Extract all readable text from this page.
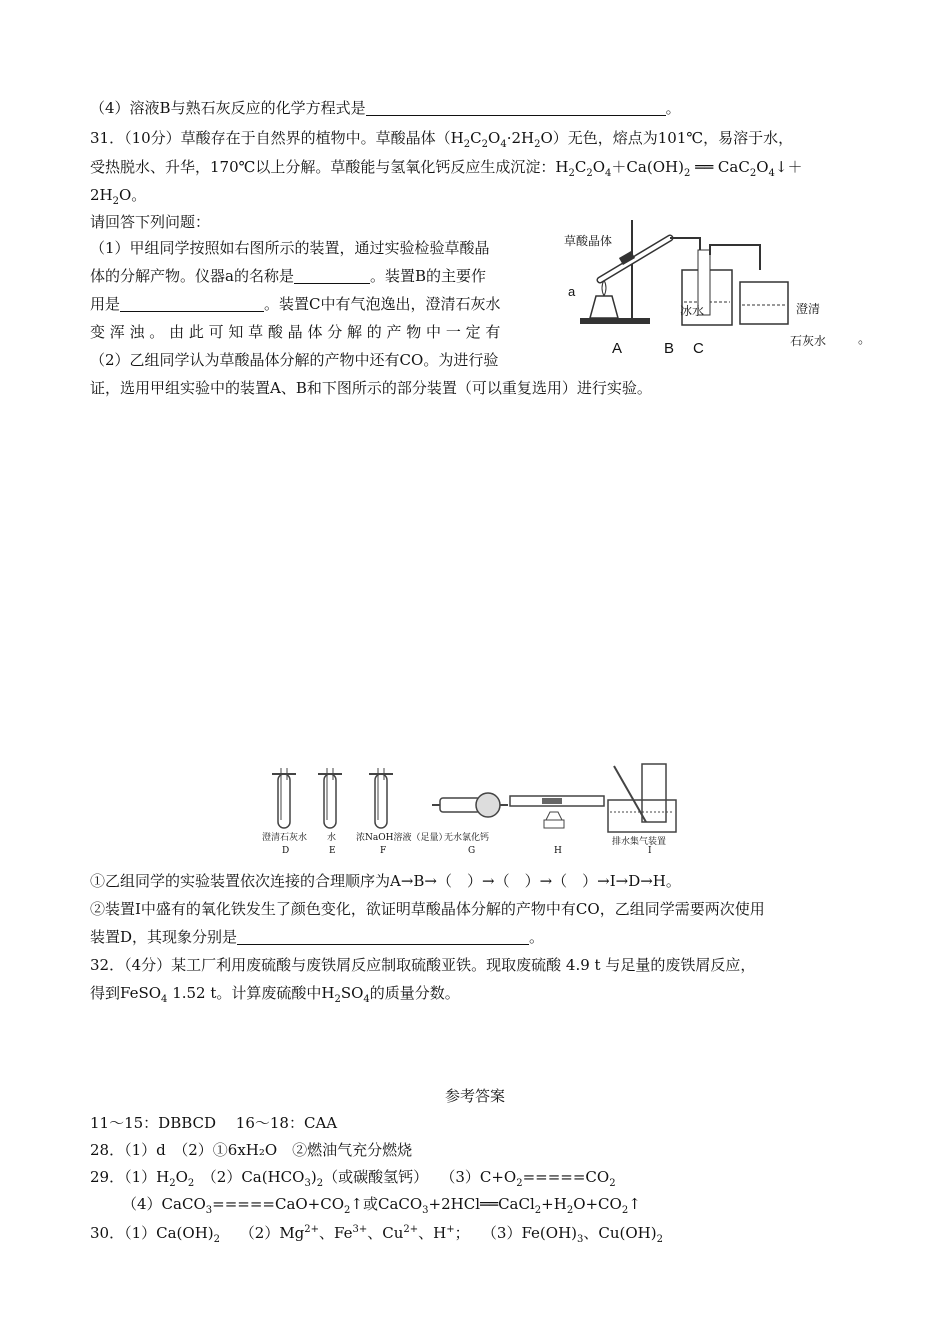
（4）溶液B与熟石灰反应的化学方程式是	。
31．（10分）草酸存在于自然界的植物中。草酸晶体$(H_2C_2O_4\cdot 2H_2O)$无色，熔点为101℃，易溶于水，
受热脱水、升华，170℃以上分解。草酸能与氢氧化钙反应生成沉淀：$H_2C_2O_4+Ca(OH)_2$ ══ $CaC_2O_4↓+$
$2H_2O$。
请回答下列问题：
（1）甲组同学按照如右图所示的装置，通过实验检验草酸晶
体的分解产物。仪器a的名称是	。装置B的主要作
用是	。装置C中有气泡逸出，澄清石灰水
变 浑 浊 。 由 此 可 知 草 酸 晶 体 分 解 的 产 物 中 一 定 有
（2）乙组同学认为草酸晶体分解的产物中还有CO。为进行验
证，选用甲组实验中的装置A、B和下图所示的部分装置（可以重复选用）进行实验。
草酸晶体
a
冰水	澄清
石灰水 。
A	B C
澄清石灰水 水 浓NaOH溶液（足量）
无水氯化钙	排水集气装置
D	E	F	G	H	I
①乙组同学的实验装置依次连接的合理顺序为A→B→（　）→（　）→（　）→I→D→H。
②装置I中盛有的氧化铁发生了颜色变化，欲证明草酸晶体分解的产物中有CO，乙组同学需要两次使用
装置D，其现象分别是	。
32．（4分）某工厂利用废硫酸与废铁屑反应制取硫酸亚铁。现取废硫酸 4.9 t 与足量的废铁屑反应，
得到FeSO$_4$ 1.52 t。计算废硫酸中$H_2SO_4$的质量分数。
参考答案
11～15：DBBCD　 16～18：CAA
28．（1）d　（2）①6xH₂O　②燃油气充分燃烧
29．$(1)H_2O_2$　$(2)Ca(HCO_3)_2$（或碳酸氢钙）　 $(3)C+O_2=====CO_2$
$(4)CaCO_3=====CaO+CO_2↑$或$CaCO_3+2HCl══CaCl_2+H_2O+CO_2↑$
30．$(1)Ca(OH)_2$　 $(2)Mg^{2+}$、$Fe^{3+}$、$Cu^{2+}$、H+；　 $(3)Fe(OH)_3$、$Cu(OH)_2$
